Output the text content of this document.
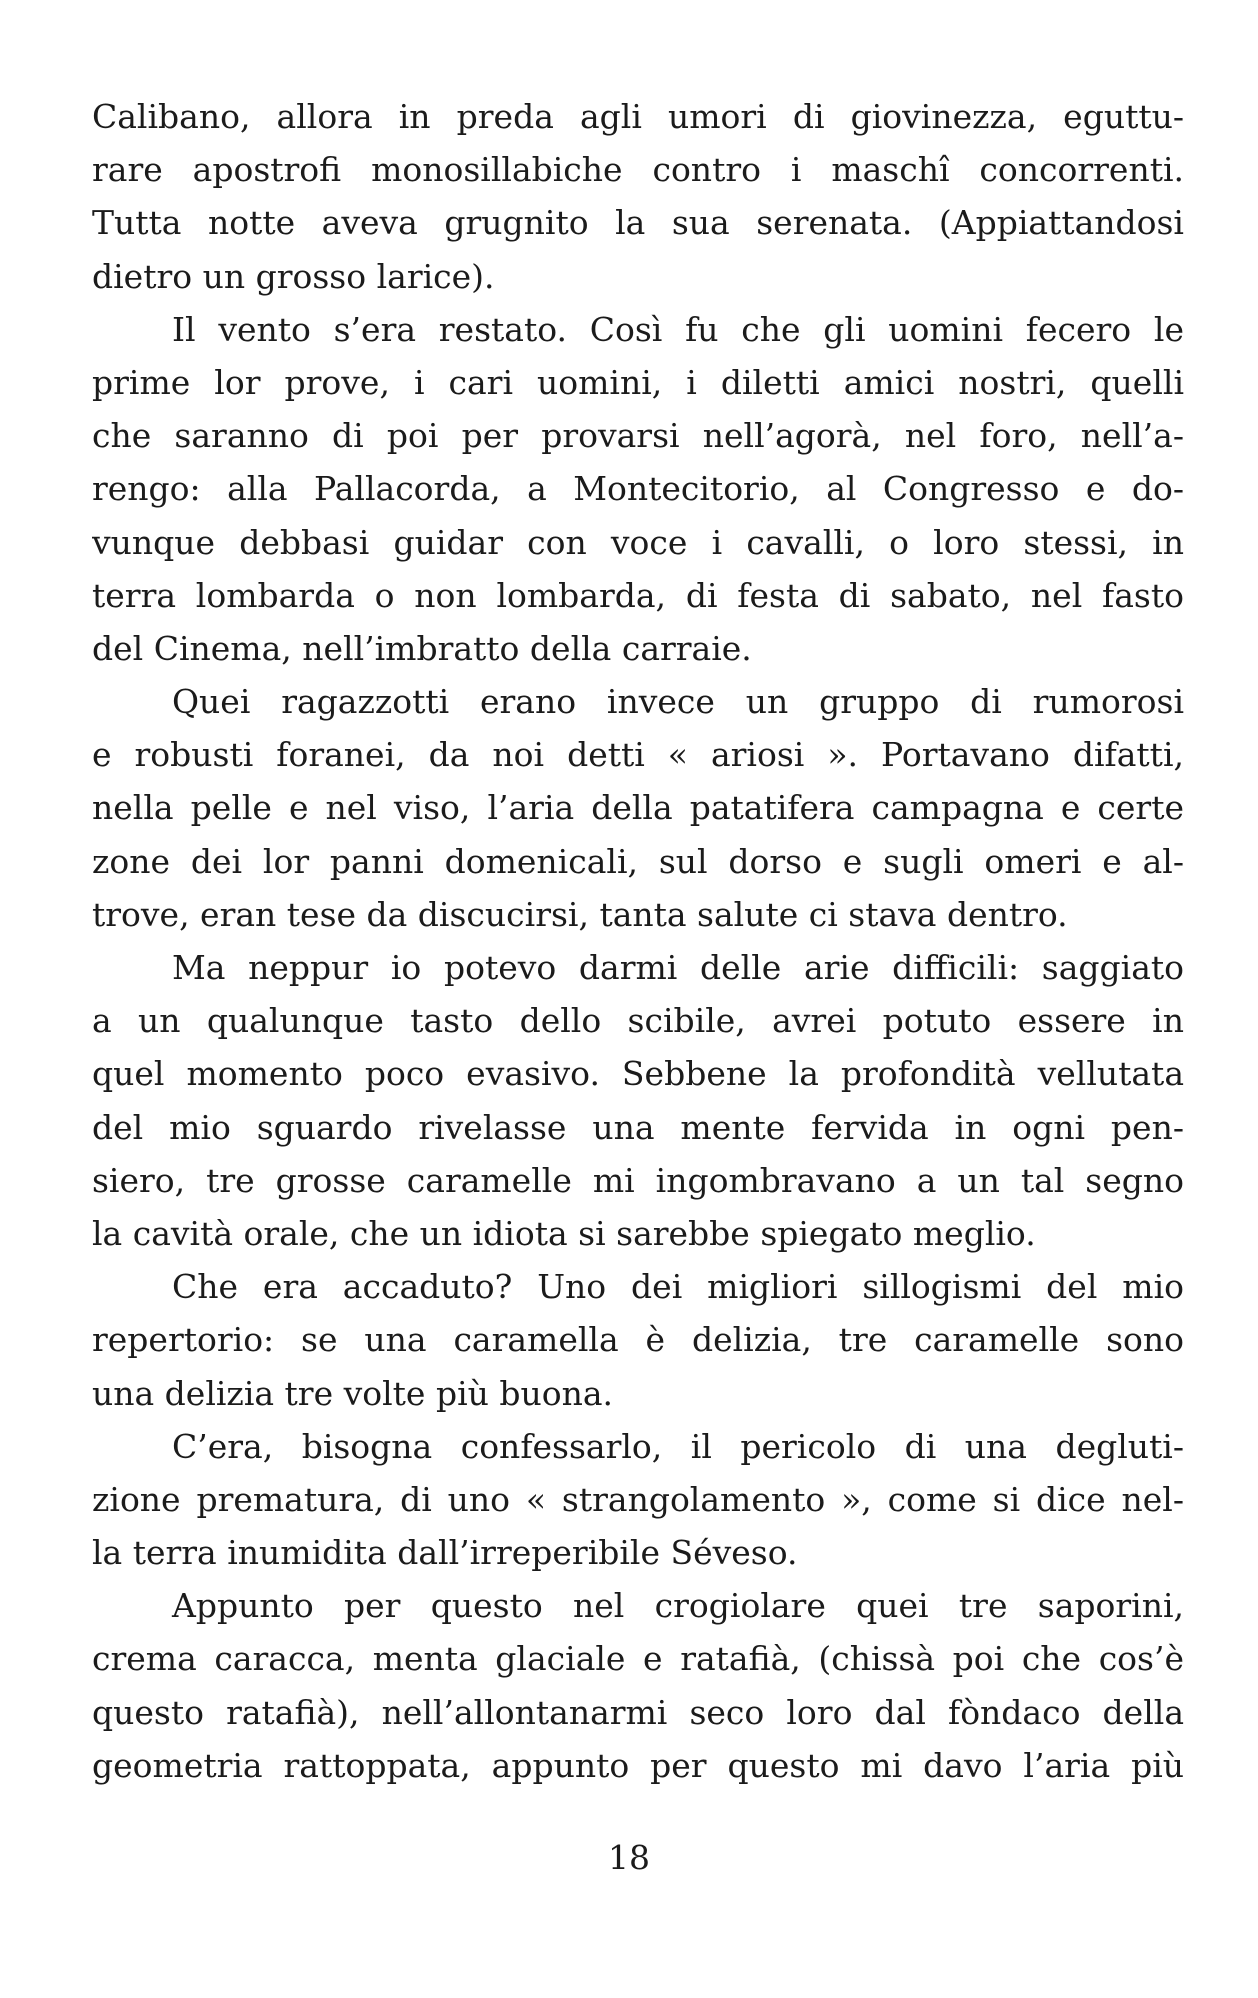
Calibano, allora in preda agli umori di giovinezza, eguttu-
rare apostrofi monosillabiche contro i maschî concorrenti.
Tutta notte aveva grugnito la sua serenata. (Appiattandosi
dietro un grosso larice).
Il vento s’era restato. Così fu che gli uomini fecero le
prime lor prove, i cari uomini, i diletti amici nostri, quelli
che saranno di poi per provarsi nell’agorà, nel foro, nell’a-
rengo: alla Pallacorda, a Montecitorio, al Congresso e do-
vunque debbasi guidar con voce i cavalli, o loro stessi, in
terra lombarda o non lombarda, di festa di sabato, nel fasto
del Cinema, nell’imbratto della carraie.
Quei ragazzotti erano invece un gruppo di rumorosi
e robusti foranei, da noi detti « ariosi ». Portavano difatti,
nella pelle e nel viso, l’aria della patatifera campagna e certe
zone dei lor panni domenicali, sul dorso e sugli omeri e al-
trove, eran tese da discucirsi, tanta salute ci stava dentro.
Ma neppur io potevo darmi delle arie difficili: saggiato
a un qualunque tasto dello scibile, avrei potuto essere in
quel momento poco evasivo. Sebbene la profondità vellutata
del mio sguardo rivelasse una mente fervida in ogni pen-
siero, tre grosse caramelle mi ingombravano a un tal segno
la cavità orale, che un idiota si sarebbe spiegato meglio.
Che era accaduto? Uno dei migliori sillogismi del mio
repertorio: se una caramella è delizia, tre caramelle sono
una delizia tre volte più buona.
C’era, bisogna confessarlo, il pericolo di una degluti-
zione prematura, di uno « strangolamento », come si dice nel-
la terra inumidita dall’irreperibile Séveso.
Appunto per questo nel crogiolare quei tre saporini,
crema caracca, menta glaciale e ratafià, (chissà poi che cos’è
questo ratafià), nell’allontanarmi seco loro dal fòndaco della
geometria rattoppata, appunto per questo mi davo l’aria più
18
